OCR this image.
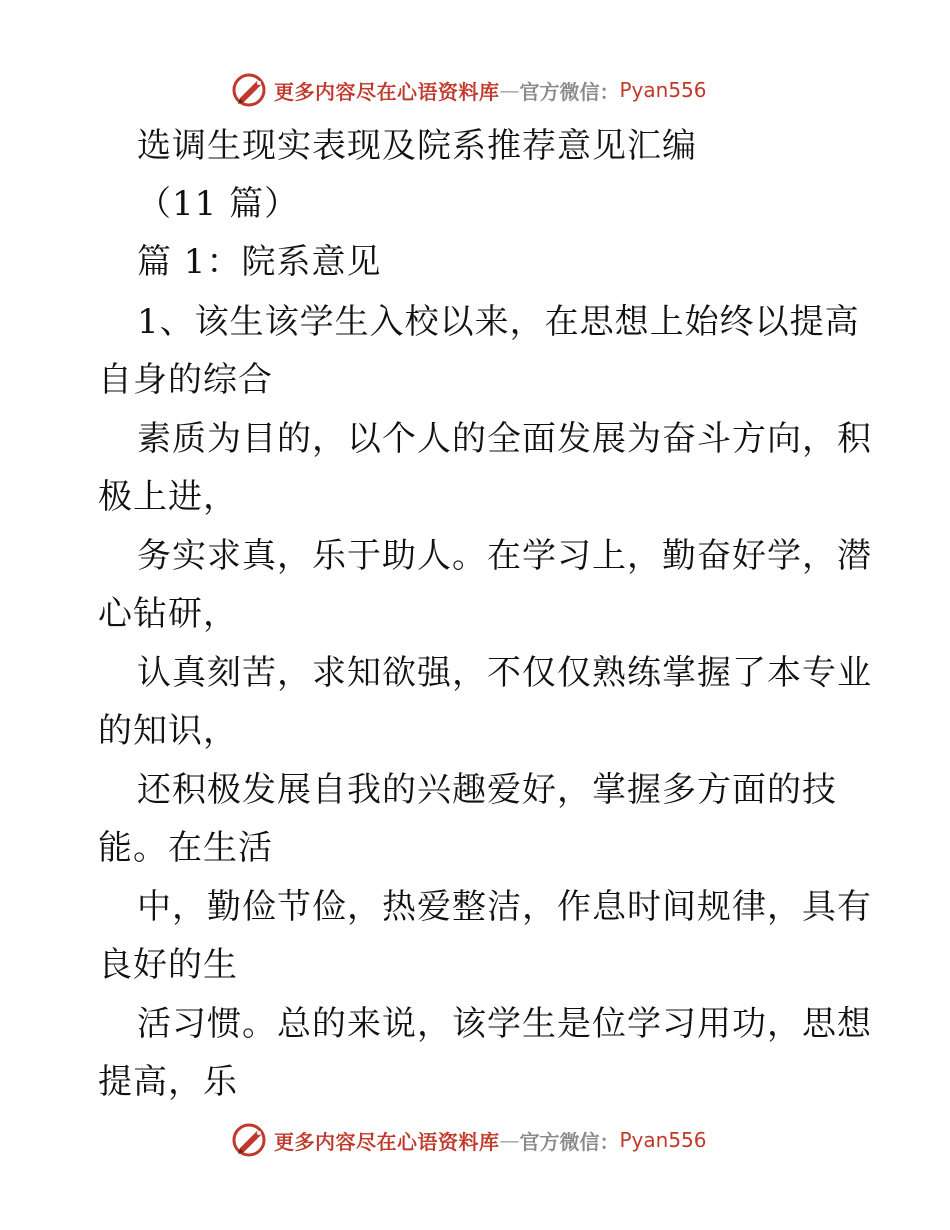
更多内容尽在心语资料库 — 官方微信： Pyan556
选调生现实表现及院系推荐意见汇编
（11 篇）
篇 1：院系意见
1、该生该学生入校以来，在思想上始终以提高
自身的综合
素质为目的，以个人的全面发展为奋斗方向，积
极上进，
务实求真，乐于助人。在学习上，勤奋好学，潜
心钻研，
认真刻苦，求知欲强，不仅仅熟练掌握了本专业
的知识，
还积极发展自我的兴趣爱好，掌握多方面的技
能。在生活
中，勤俭节俭，热爱整洁，作息时间规律，具有
良好的生
活习惯。总的来说，该学生是位学习用功，思想
提高，乐
更多内容尽在心语资料库 — 官方微信： Pyan556
